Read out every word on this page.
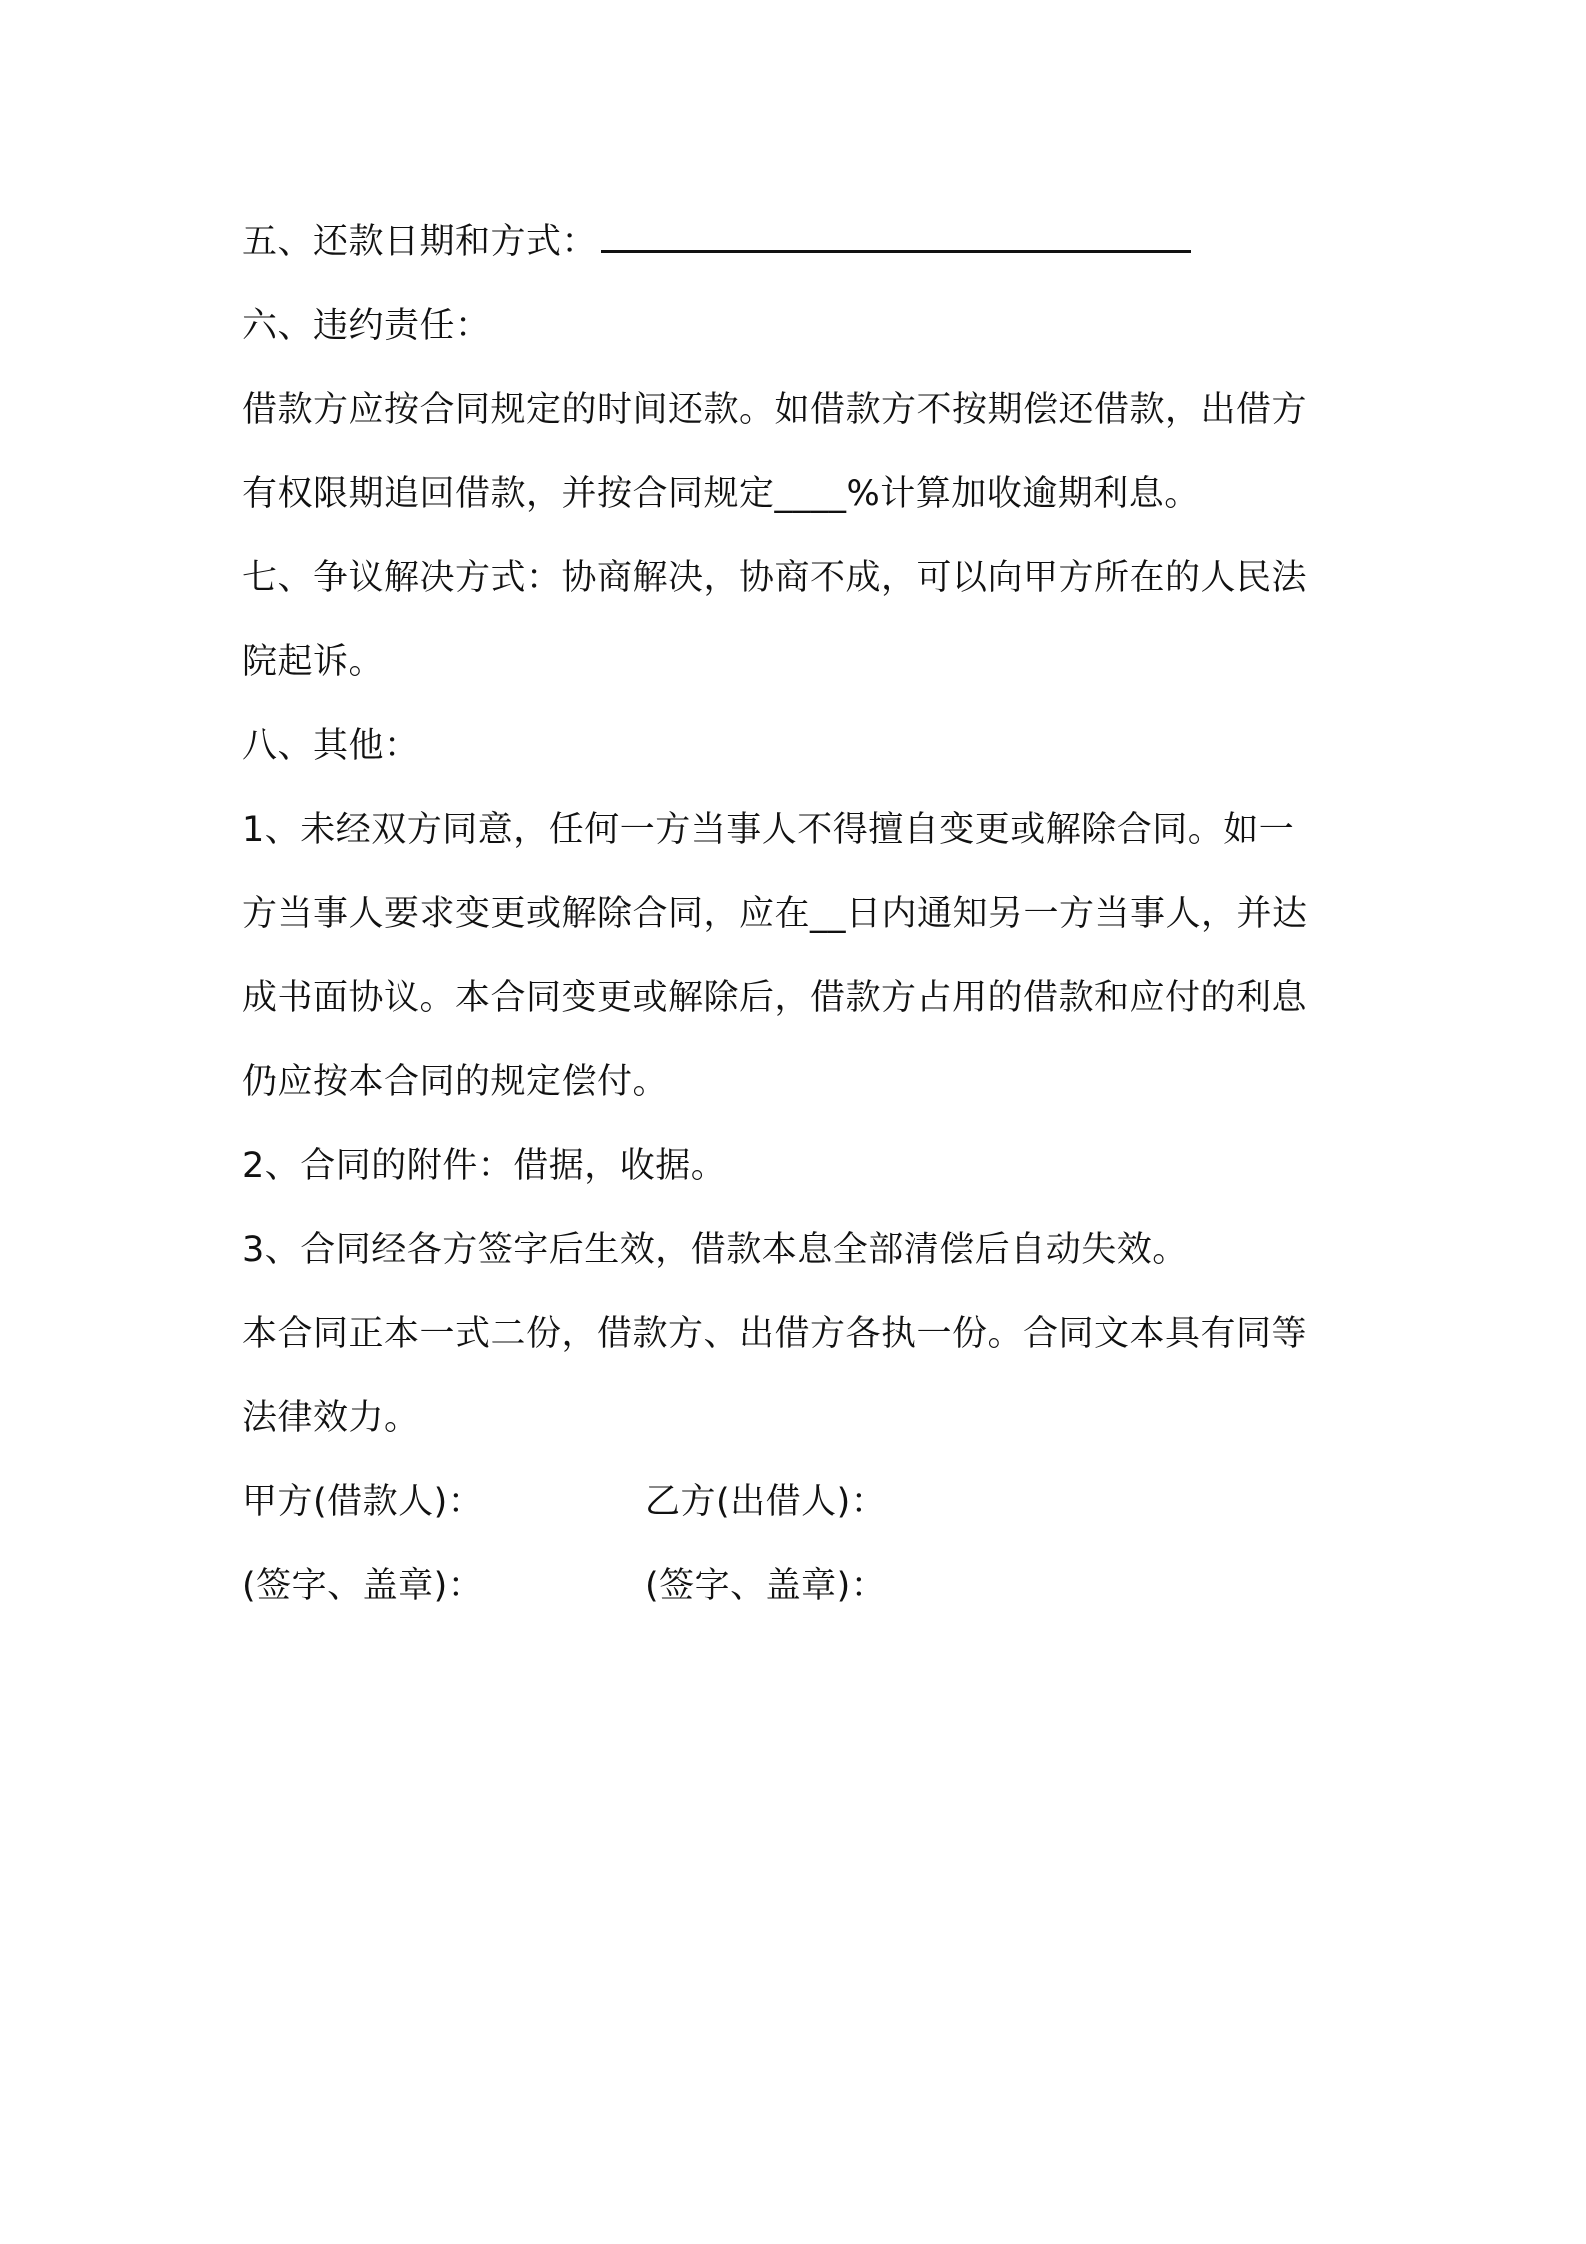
五、还款日期和方式：
六、违约责任：
借款方应按合同规定的时间还款。如借款方不按期偿还借款，出借方
有权限期追回借款，并按合同规定____%计算加收逾期利息。
七、争议解决方式：协商解决，协商不成，可以向甲方所在的人民法
院起诉。
八、其他：
1、未经双方同意，任何一方当事人不得擅自变更或解除合同。如一
方当事人要求变更或解除合同，应在__日内通知另一方当事人，并达
成书面协议。本合同变更或解除后，借款方占用的借款和应付的利息
仍应按本合同的规定偿付。
2、合同的附件：借据，收据。
3、合同经各方签字后生效，借款本息全部清偿后自动失效。
本合同正本一式二份，借款方、出借方各执一份。合同文本具有同等
法律效力。
甲方(借款人)：	乙方(出借人)：
(签字、盖章)：	(签字、盖章)：
